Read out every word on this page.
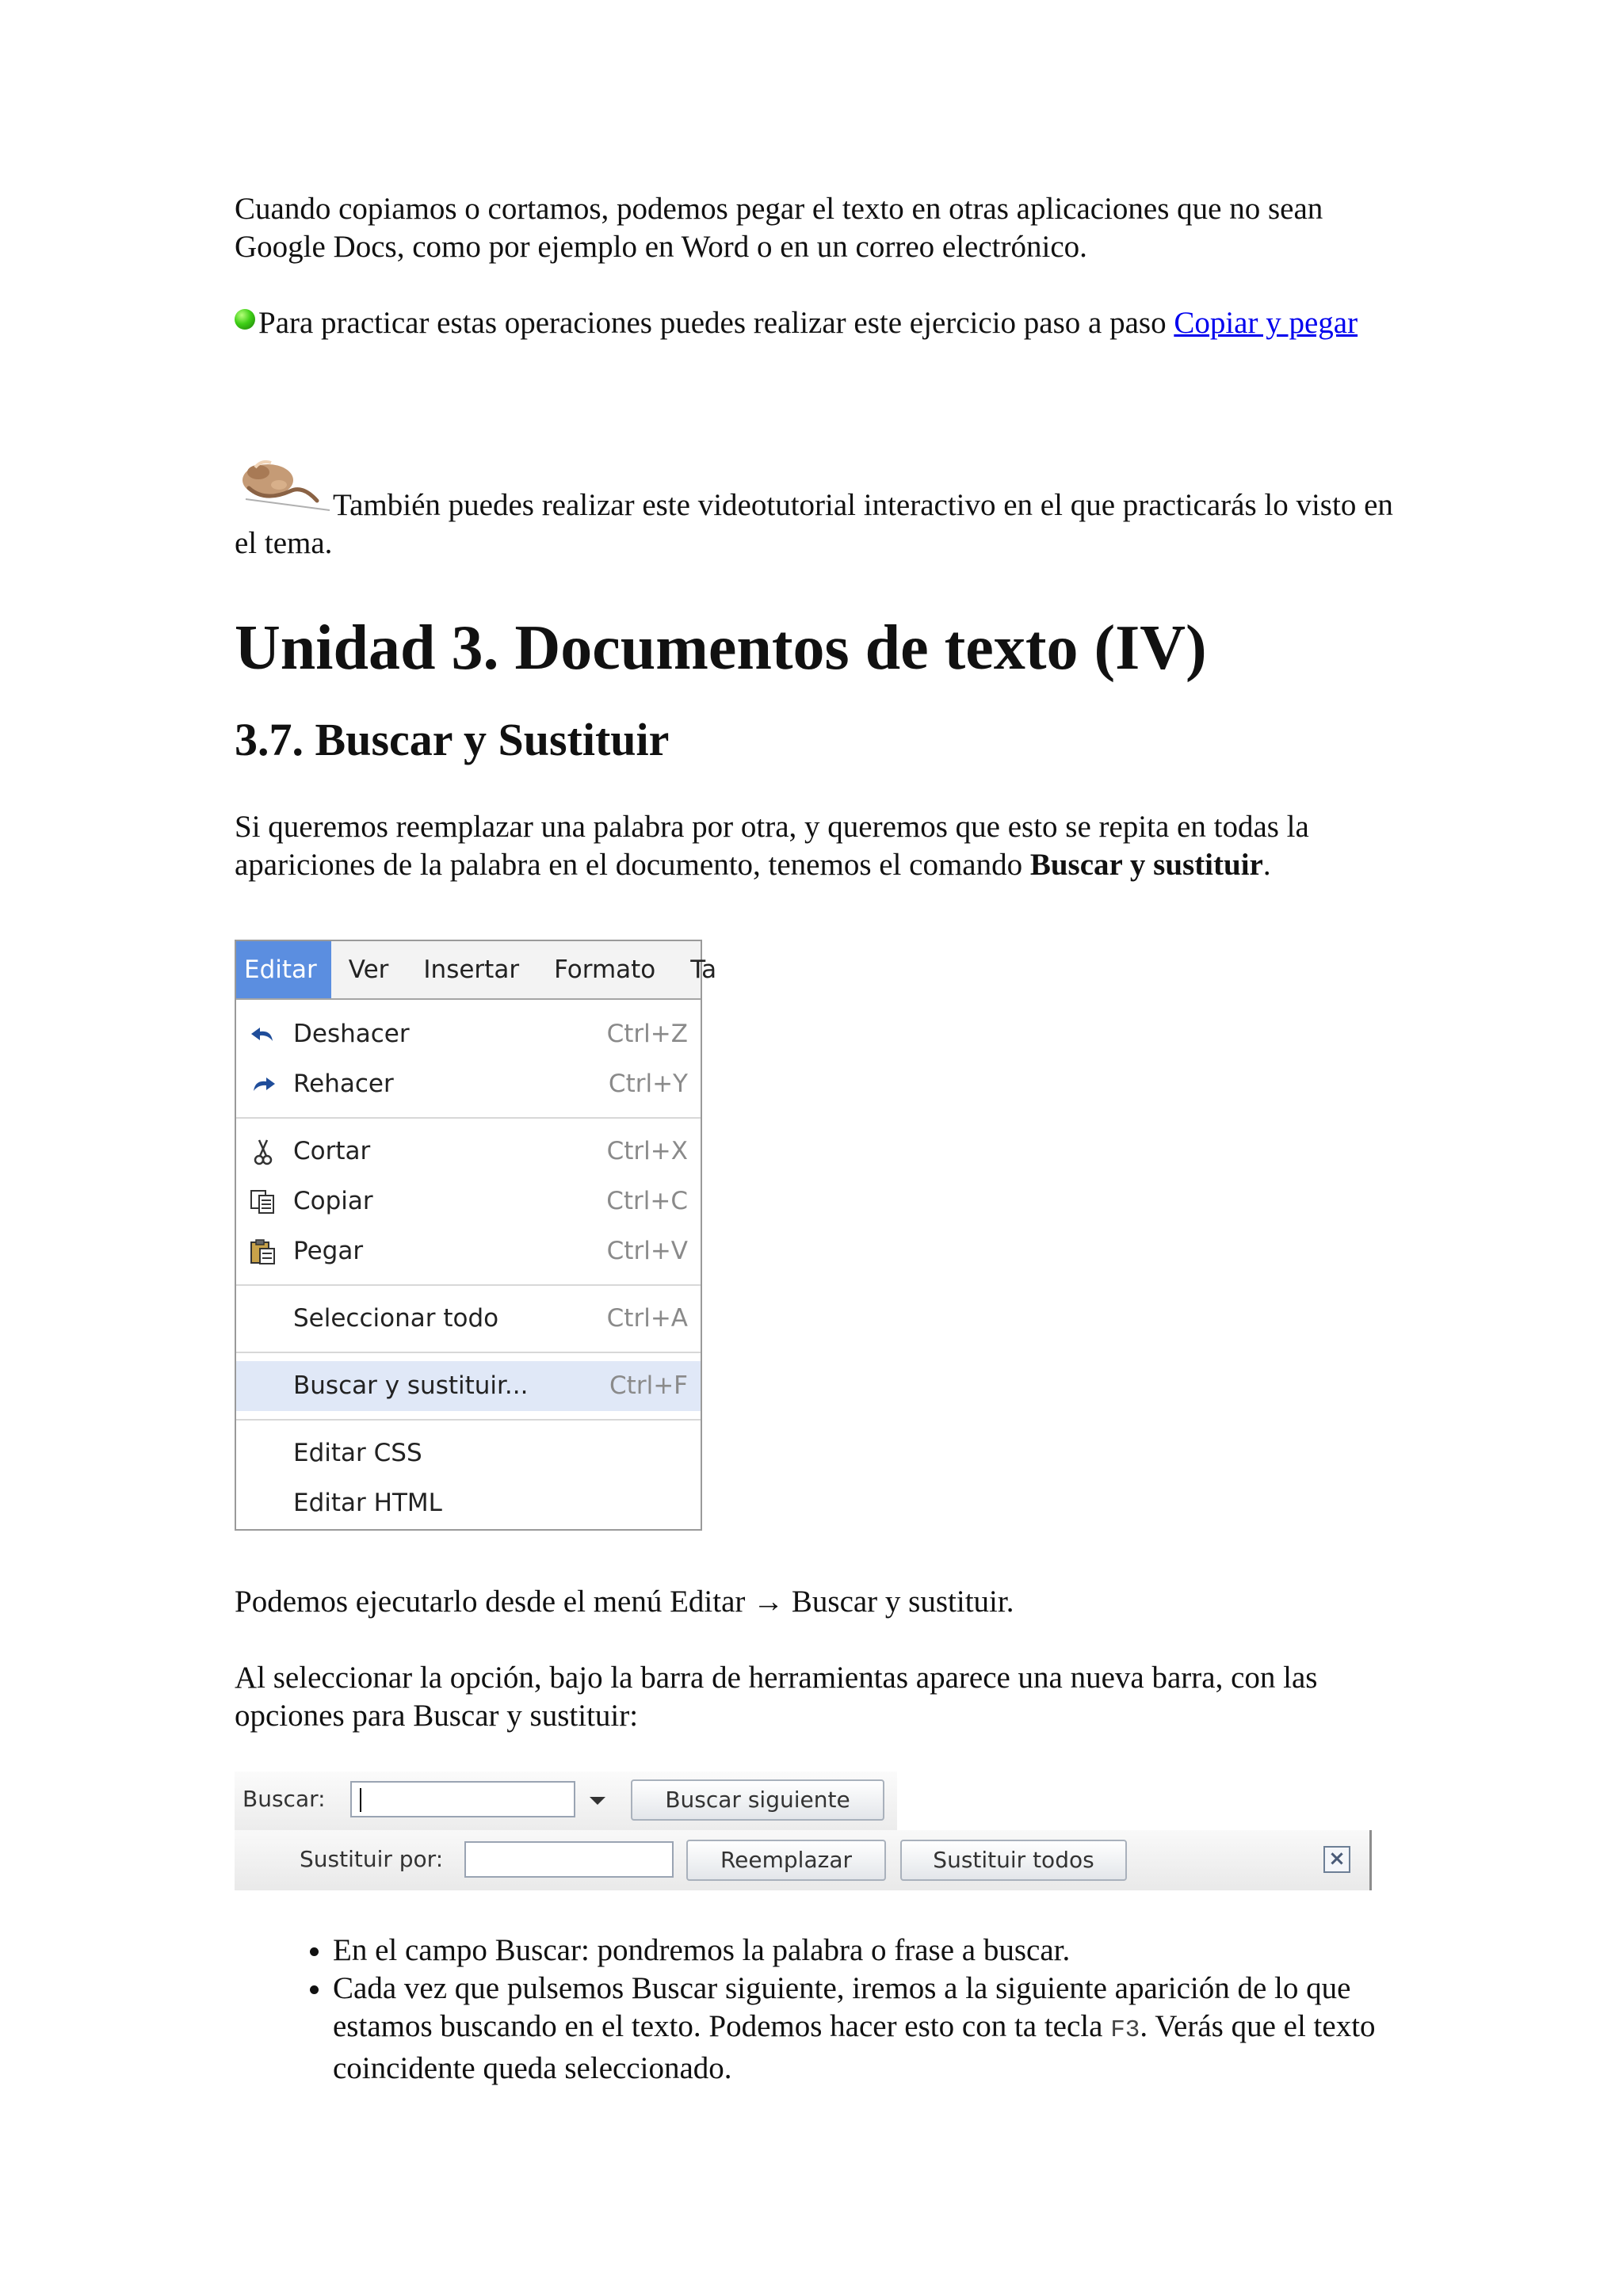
Cuando copiamos o cortamos, podemos pegar el texto en otras aplicaciones que no sean Google Docs, como por ejemplo en Word o en un correo electrónico.

Para practicar estas operaciones puedes realizar este ejercicio paso a paso Copiar y pegar

También puedes realizar este videotutorial interactivo en el que practicarás lo visto en el tema.

Unidad 3. Documentos de texto (IV)
3.7. Buscar y Sustituir

Si queremos reemplazar una palabra por otra, y queremos que esto se repita en todas la apariciones de la palabra en el documento, tenemos el comando Buscar y sustituir.

Editar	Ver	Insertar	Formato	Ta
Deshacer	Ctrl+Z
Rehacer	Ctrl+Y
Cortar	Ctrl+X
Copiar	Ctrl+C
Pegar	Ctrl+V
Seleccionar todo	Ctrl+A
Buscar y sustituir...	Ctrl+F
Editar CSS
Editar HTML

Podemos ejecutarlo desde el menú Editar → Buscar y sustituir.

Al seleccionar la opción, bajo la barra de herramientas aparece una nueva barra, con las opciones para Buscar y sustituir:

Buscar:	Buscar siguiente
Sustituir por:	Reemplazar	Sustituir todos	×
• En el campo Buscar: pondremos la palabra o frase a buscar.
• Cada vez que pulsemos Buscar siguiente, iremos a la siguiente aparición de lo que estamos buscando en el texto. Podemos hacer esto con ta tecla F3. Verás que el texto coincidente queda seleccionado.
